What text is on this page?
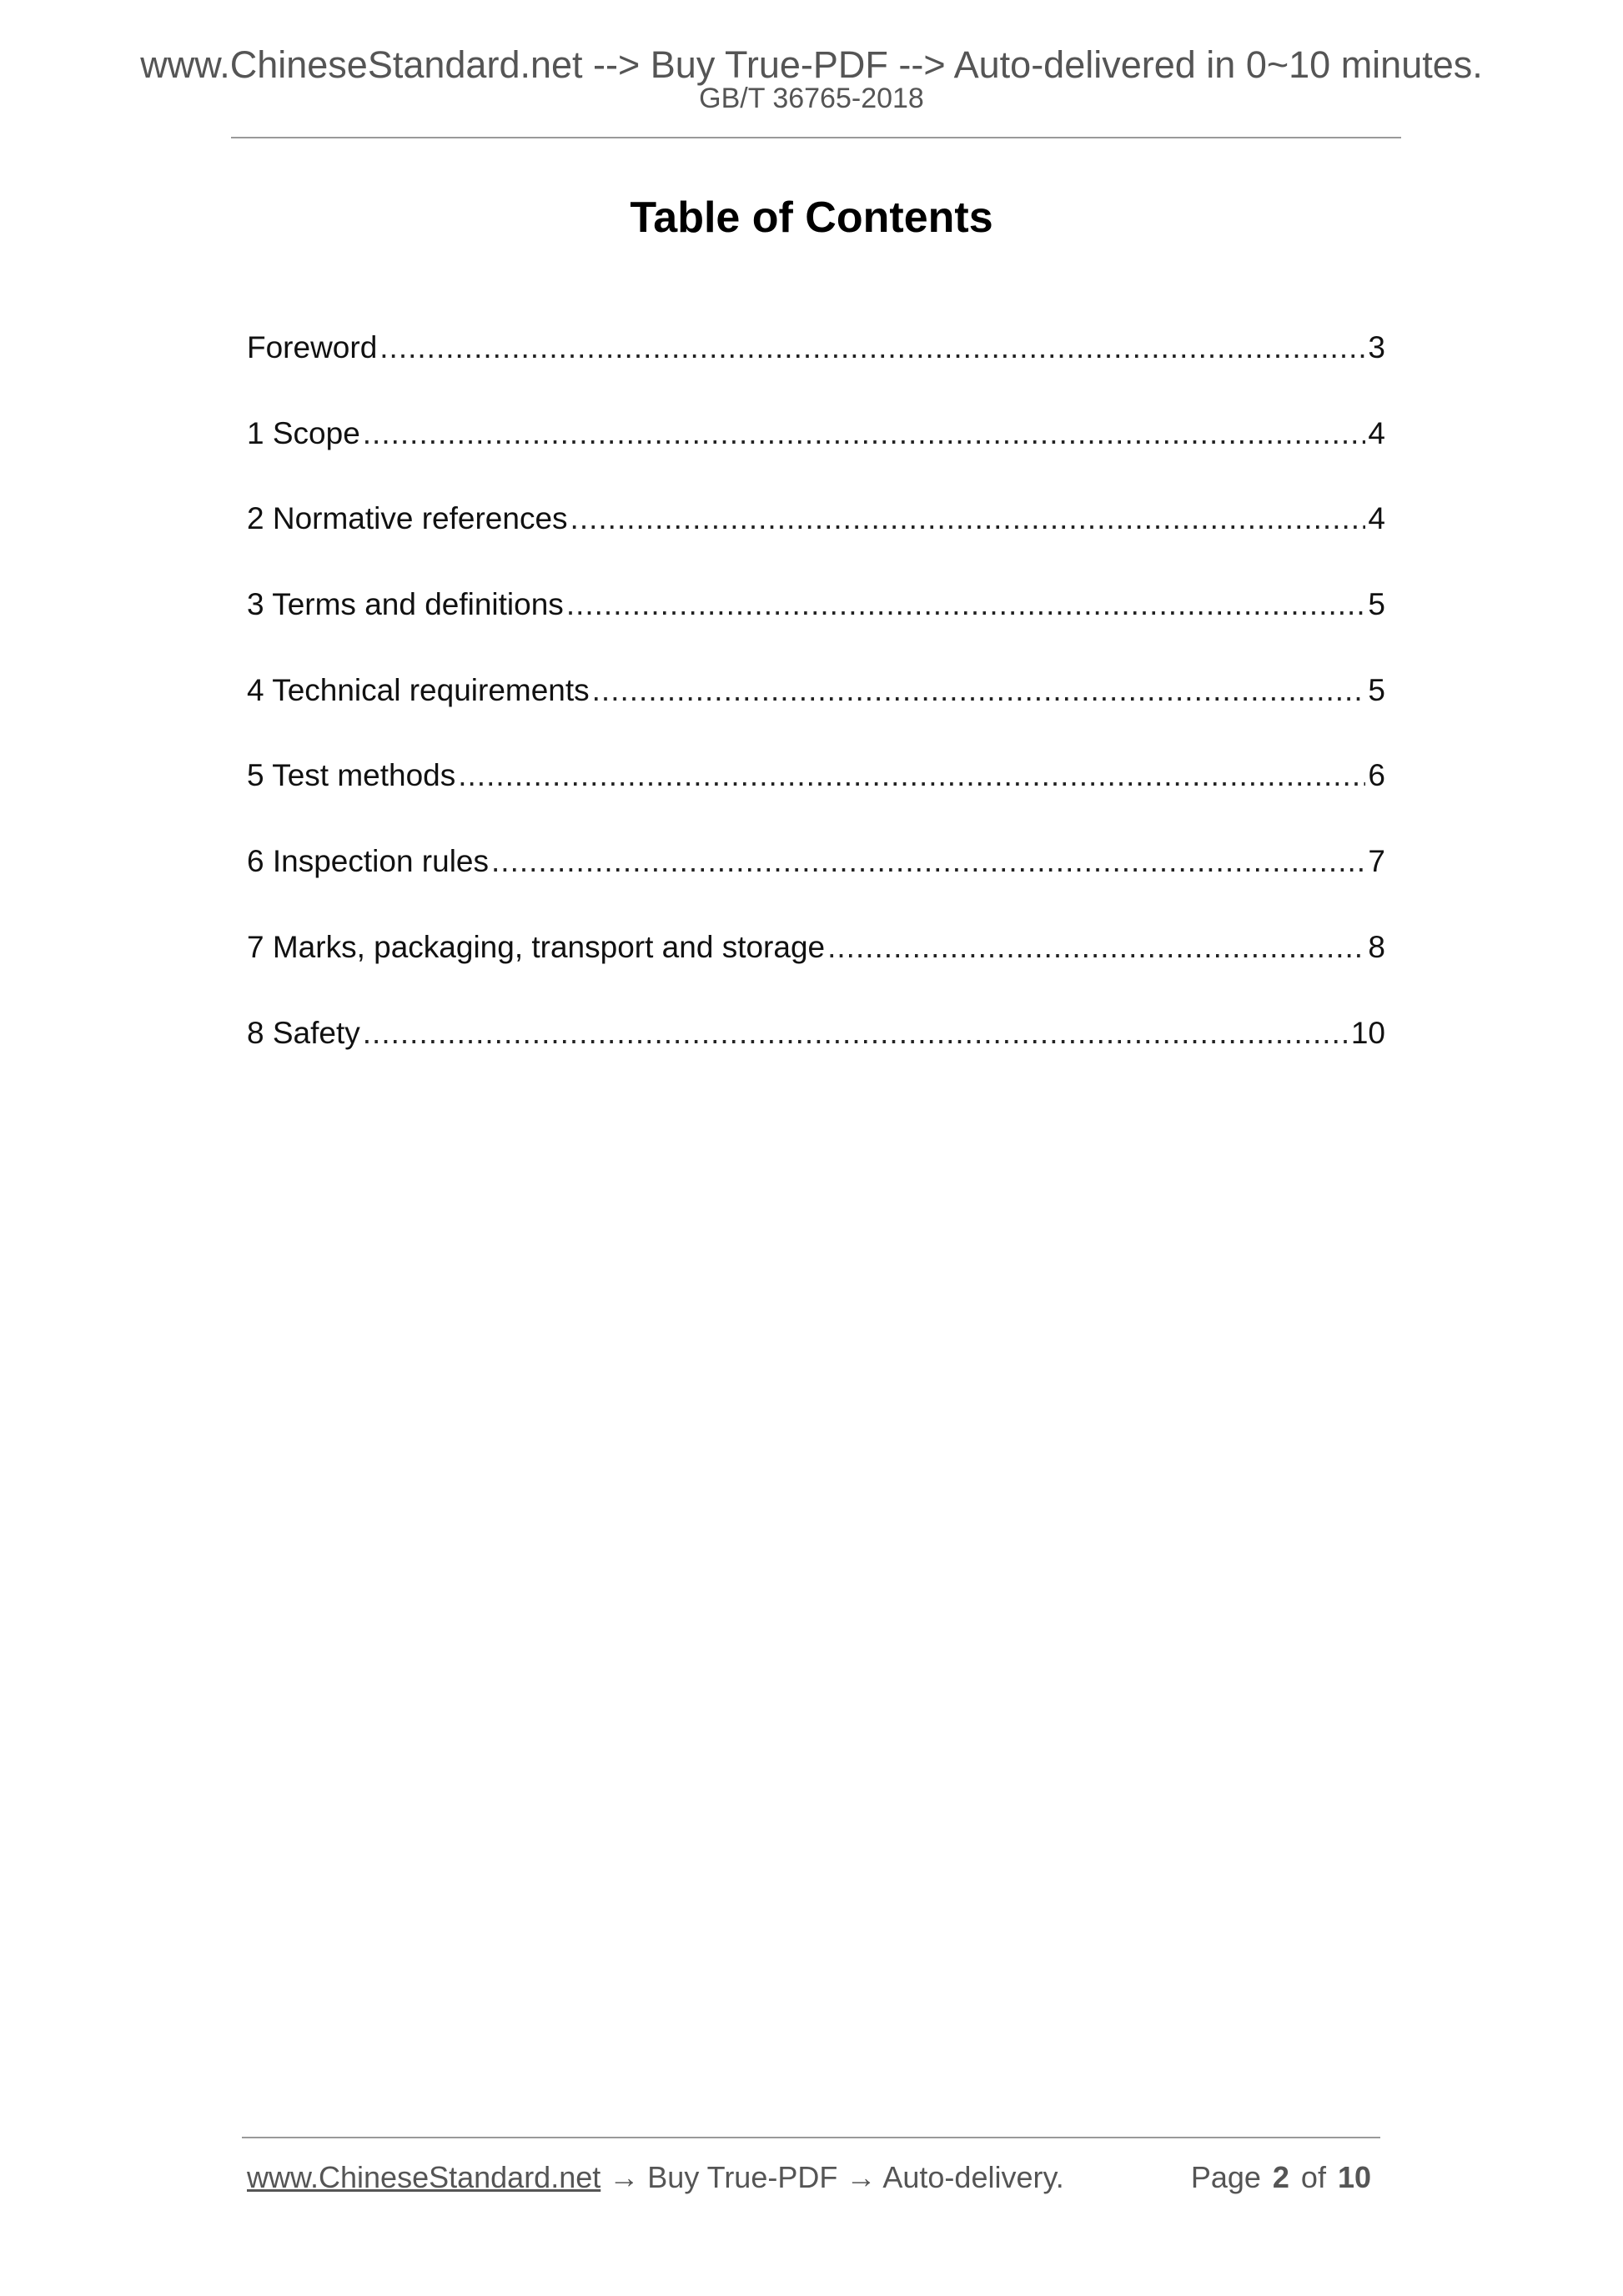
www.ChineseStandard.net --> Buy True-PDF --> Auto-delivered in 0~10 minutes.
GB/T 36765-2018
Table of Contents
Foreword .....	3
1 Scope .....	4
2 Normative references .....	4
3 Terms and definitions .....	5
4 Technical requirements .....	5
5 Test methods .....	6
6 Inspection rules .....	7
7 Marks, packaging, transport and storage .....	8
8 Safety .....	10
www.ChineseStandard.net → Buy True-PDF → Auto-delivery.	Page 2 of 10
